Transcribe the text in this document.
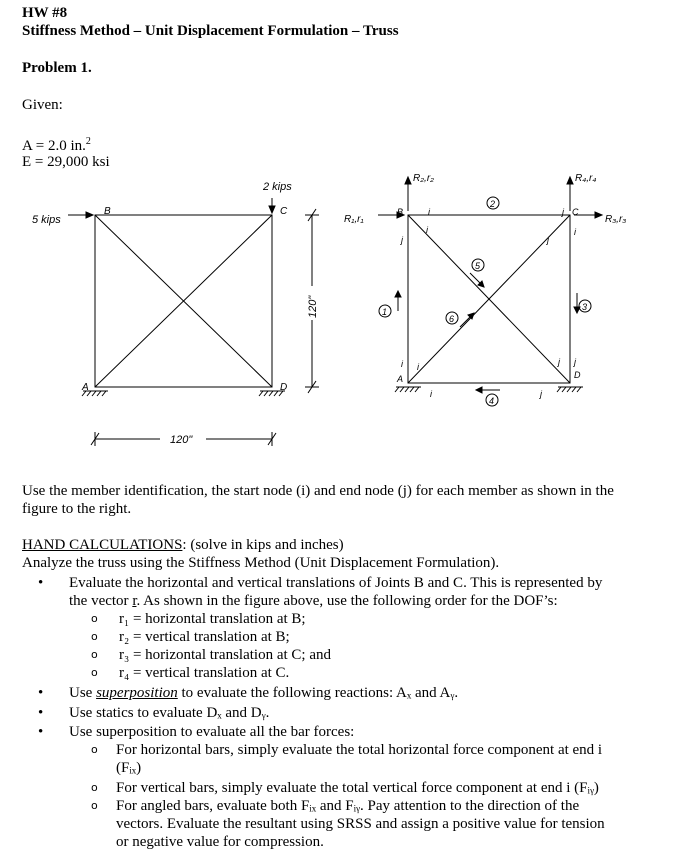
HW #8
Stiffness Method – Unit Displacement Formulation – Truss
Problem 1.
Given:
A = 2.0 in.$^2$
E = 29,000 ksi
5 kips
2 kips
B	C
A	D
120"
120"
1
2
3
4
5
6
R₂,r₂	R₄,r₄
R₁,r₁	R₃,r₃
B	C
A	D
i	j
j
i
j
i
i i
i	j
j j
Use the member identification, the start node (i) and end node (j) for each member as shown in the figure to the right.
HAND CALCULATIONS: (solve in kips and inches)
Analyze the truss using the Stiffness Method (Unit Displacement Formulation).
• Evaluate the horizontal and vertical translations of Joints B and C. This is represented by
the vector r. As shown in the figure above, use the following order for the DOF’s:
o r₁ = horizontal translation at B;
o r₂ = vertical translation at B;
o r₃ = horizontal translation at C; and
o r₄ = vertical translation at C.
• Use superposition to evaluate the following reactions: Aₓ and Aᵧ.
• Use statics to evaluate Dₓ and Dᵧ.
• Use superposition to evaluate all the bar forces:
o For horizontal bars, simply evaluate the total horizontal force component at end i
(Fᵢₓ)
o For vertical bars, simply evaluate the total vertical force component at end i (Fᵢᵧ)
o For angled bars, evaluate both Fᵢₓ and Fᵢᵧ. Pay attention to the direction of the
vectors. Evaluate the resultant using SRSS and assign a positive value for tension
or negative value for compression.
